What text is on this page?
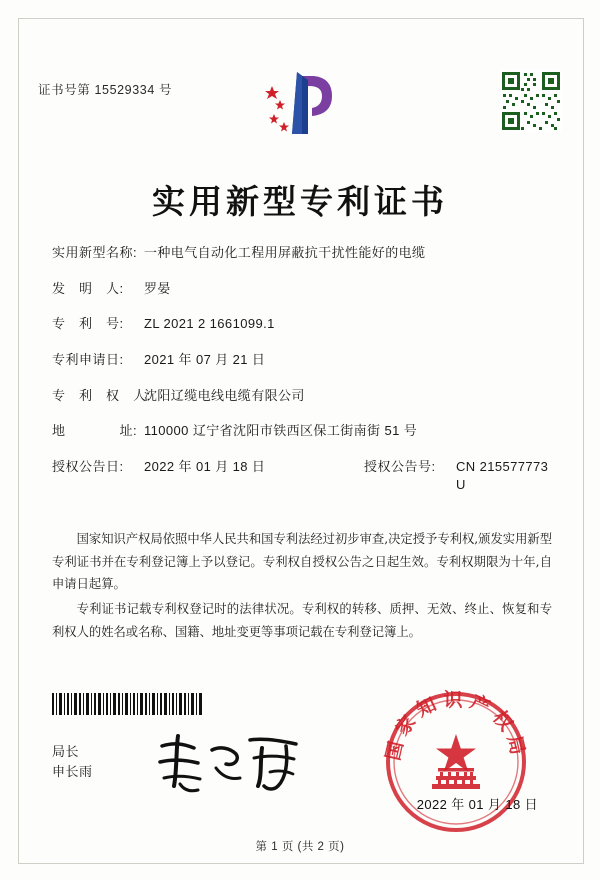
证书号第 15529334 号
实用新型专利证书
实用新型名称: 一种电气自动化工程用屏蔽抗干扰性能好的电缆
发　明　人:	罗晏
专　利　号:	ZL 2021 2 1661099.1
专利申请日:	2021 年 07 月 21 日
专　利　权　人:
沈阳辽缆电线电缆有限公司
地　　　　址: 110000 辽宁省沈阳市铁西区保工街南街 51 号
授权公告日:	2022 年 01 月 18 日	授权公告号:	CN 215577773 U

国家知识产权局依照中华人民共和国专利法经过初步审查,决定授予专利权,颁发实用新型专利证书并在专利登记簿上予以登记。专利权自授权公告之日起生效。专利权期限为十年,自申请日起算。

专利证书记载专利权登记时的法律状况。专利权的转移、质押、无效、终止、恢复和专利权人的姓名或名称、国籍、地址变更等事项记载在专利登记簿上。

局长
申长雨
国家知识产权局
2022 年 01 月 18 日
第 1 页 (共 2 页)
